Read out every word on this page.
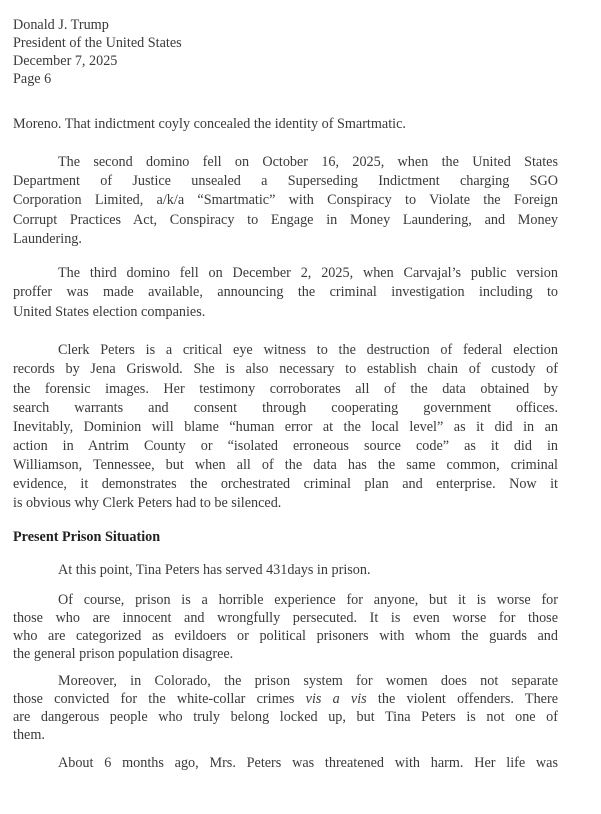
Donald J. Trump
President of the United States
December 7, 2025
Page 6
Moreno. That indictment coyly concealed the identity of Smartmatic.
The second domino fell on October 16, 2025, when the United States
Department of Justice unsealed a Superseding Indictment charging SGO
Corporation Limited, a/k/a “Smartmatic” with Conspiracy to Violate the Foreign
Corrupt Practices Act, Conspiracy to Engage in Money Laundering, and Money
Laundering.
The third domino fell on December 2, 2025, when Carvajal’s public version
proffer was made available, announcing the criminal investigation including to
United States election companies.
Clerk Peters is a critical eye witness to the destruction of federal election
records by Jena Griswold. She is also necessary to establish chain of custody of
the forensic images. Her testimony corroborates all of the data obtained by
search warrants and consent through cooperating government offices.
Inevitably, Dominion will blame “human error at the local level” as it did in an
action in Antrim County or “isolated erroneous source code” as it did in
Williamson, Tennessee, but when all of the data has the same common, criminal
evidence, it demonstrates the orchestrated criminal plan and enterprise. Now it
is obvious why Clerk Peters had to be silenced.
Present Prison Situation
At this point, Tina Peters has served 431days in prison.
Of course, prison is a horrible experience for anyone, but it is worse for
those who are innocent and wrongfully persecuted. It is even worse for those
who are categorized as evildoers or political prisoners with whom the guards and
the general prison population disagree.
Moreover, in Colorado, the prison system for women does not separate
those convicted for the white-collar crimes vis a vis the violent offenders. There
are dangerous people who truly belong locked up, but Tina Peters is not one of
them.
About 6 months ago, Mrs. Peters was threatened with harm. Her life was
